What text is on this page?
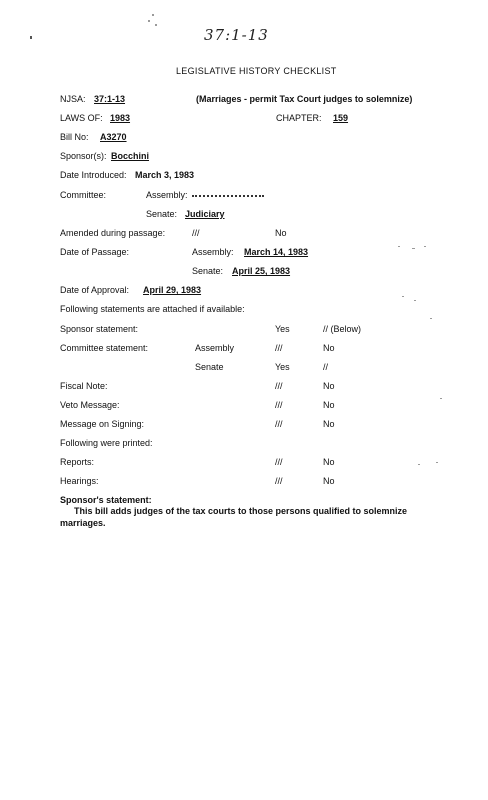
37:1-13
LEGISLATIVE HISTORY CHECKLIST
NJSA: 37:1-13	(Marriages - permit Tax Court judges to solemnize)
LAWS OF: 1983	CHAPTER: 159
Bill No: A3270
Sponsor(s): Bocchini
Date Introduced: March 3, 1983
Committee:	Assembly:
Senate: Judiciary
Amended during passage:	///	No
Date of Passage:	Assembly: March 14, 1983
Senate: April 25, 1983
Date of Approval: April 29, 1983
Following statements are attached if available:
Sponsor statement:	Yes	// (Below)
Committee statement:	Assembly	///	No
Senate	Yes	//
Fiscal Note:	///	No
Veto Message:	///	No
Message on Signing:	///	No
Following were printed:
Reports:	///	No
Hearings:	///	No
Sponsor's statement:
This bill adds judges of the tax courts to those persons qualified to solemnize marriages.
